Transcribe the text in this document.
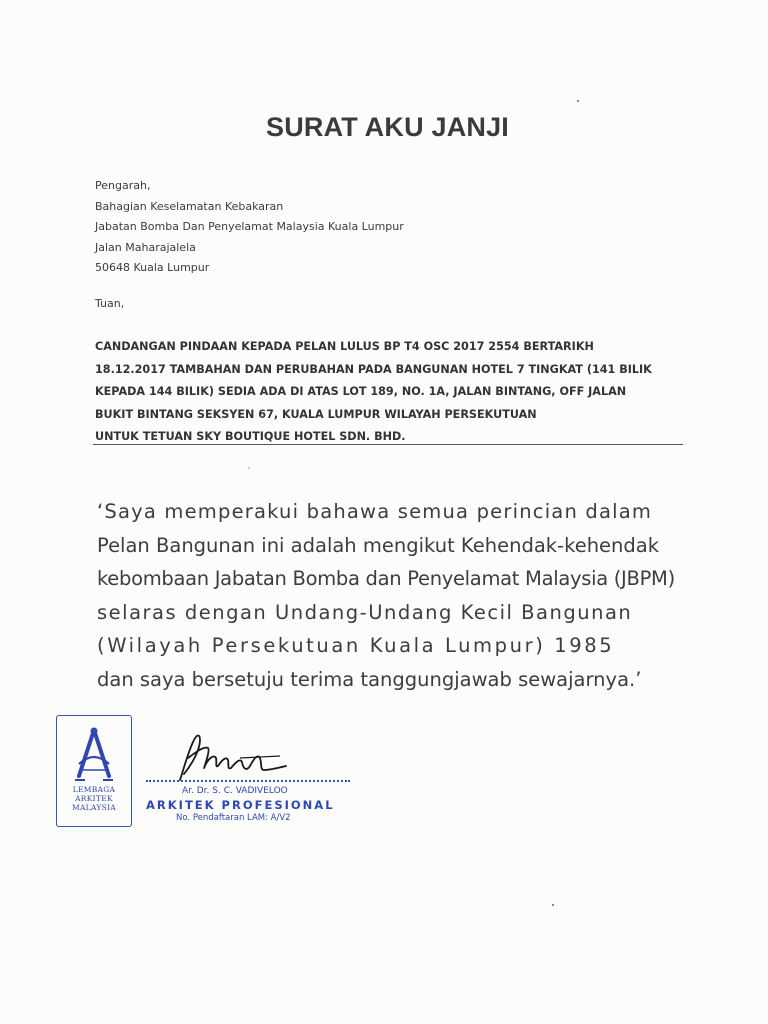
SURAT AKU JANJI
Pengarah,
Bahagian Keselamatan Kebakaran
Jabatan Bomba Dan Penyelamat Malaysia Kuala Lumpur
Jalan Maharajalela
50648 Kuala Lumpur
Tuan,
CANDANGAN PINDAAN KEPADA PELAN LULUS BP T4 OSC 2017 2554 BERTARIKH
18.12.2017 TAMBAHAN DAN PERUBAHAN PADA BANGUNAN HOTEL 7 TINGKAT (141 BILIK
KEPADA 144 BILIK) SEDIA ADA DI ATAS LOT 189, NO. 1A, JALAN BINTANG, OFF JALAN
BUKIT BINTANG SEKSYEN 67, KUALA LUMPUR WILAYAH PERSEKUTUAN
UNTUK TETUAN SKY BOUTIQUE HOTEL SDN. BHD.
‘Saya memperakui bahawa semua perincian dalam
Pelan Bangunan ini adalah mengikut Kehendak-kehendak
kebombaan Jabatan Bomba dan Penyelamat Malaysia (JBPM)
selaras dengan Undang-Undang Kecil Bangunan
(Wilayah Persekutuan Kuala Lumpur) 1985
dan saya bersetuju terima tanggungjawab sewajarnya.’
LEMBAGA
ARKITEK
MALAYSIA
Ar. Dr. S. C. VADIVELOO
ARKITEK PROFESIONAL
No. Pendaftaran LAM: A/V2
